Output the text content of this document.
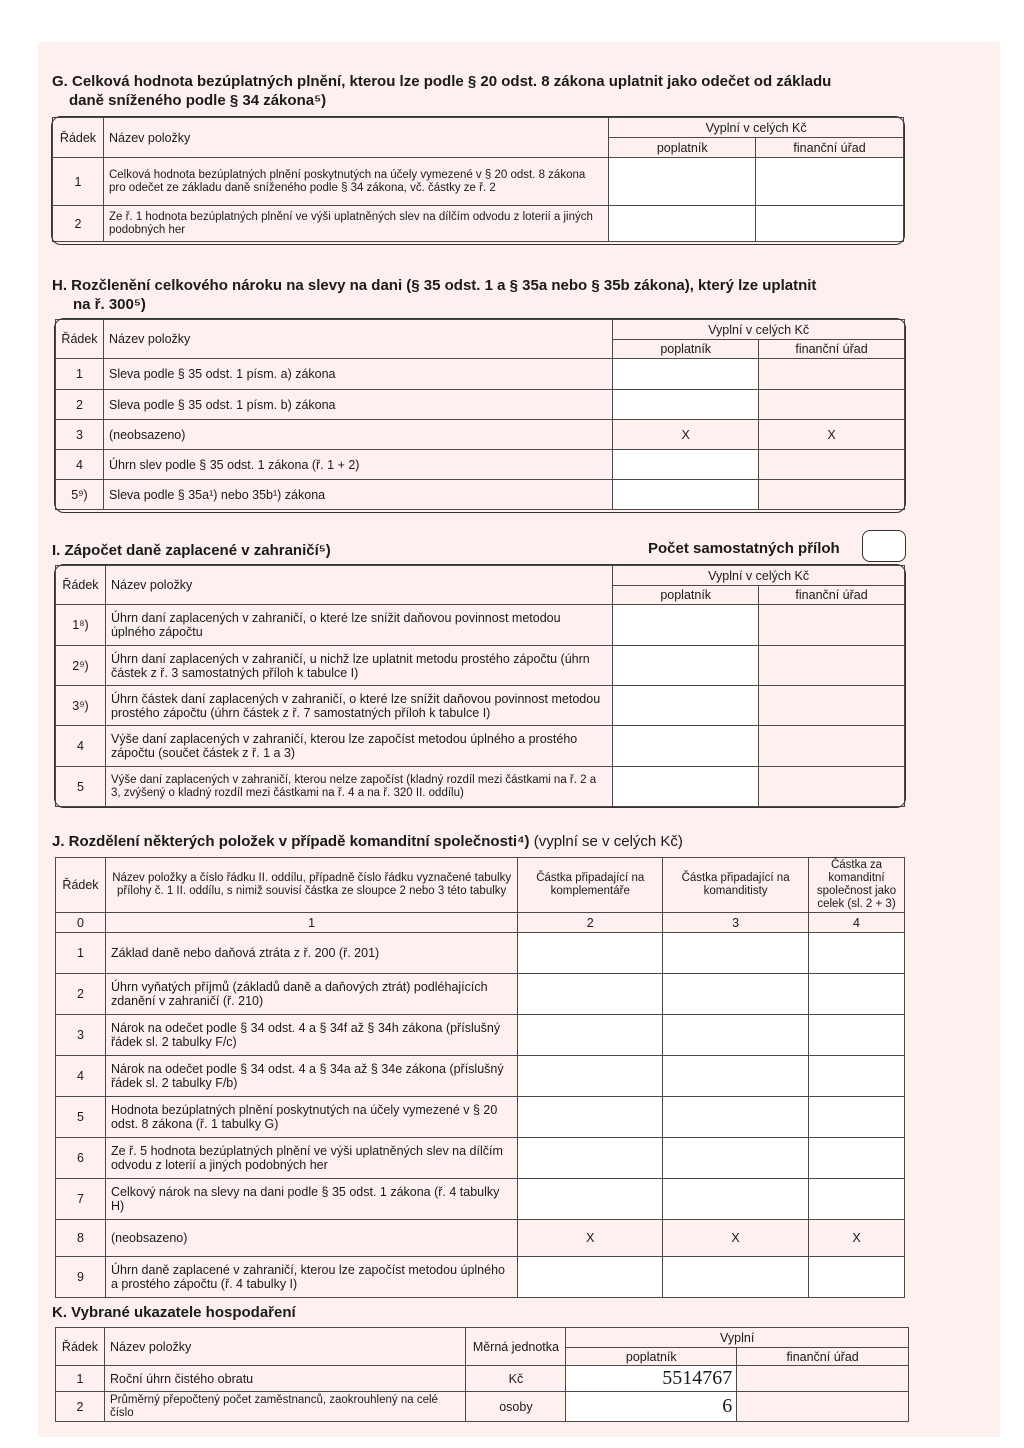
G. Celková hodnota bezúplatných plnění, kterou lze podle § 20 odst. 8 zákona uplatnit jako odečet od základu
daně sníženého podle § 34 zákona⁵)
Řádek	Název položky	Vyplní v celých Kč	
		poplatník	finanční úřad
1	Celková hodnota bezúplatných plnění poskytnutých na účely vymezené v § 20 odst. 8 zákona pro odečet ze základu daně sníženého podle § 34 zákona, vč. částky ze ř. 2		
2	Ze ř. 1 hodnota bezúplatných plnění ve výši uplatněných slev na dílčím odvodu z loterií a jiných podobných her		
H. Rozčlenění celkového nároku na slevy na dani (§ 35 odst. 1 a § 35a nebo § 35b zákona), který lze uplatnit
na ř. 300⁵)
Řádek	Název položky	Vyplní v celých Kč	
		poplatník	finanční úřad
1	Sleva podle § 35 odst. 1 písm. a) zákona		
2	Sleva podle § 35 odst. 1 písm. b) zákona		
3	(neobsazeno)	X	X
4	Úhrn slev podle § 35 odst. 1 zákona (ř. 1 + 2)		
5⁹)	Sleva podle § 35a¹) nebo 35b¹) zákona		
I. Zápočet daně zaplacené v zahraničí⁵)	Počet samostatných příloh
Řádek	Název položky	Vyplní v celých Kč	
		poplatník	finanční úřad
1⁸)	Úhrn daní zaplacených v zahraničí, o které lze snížit daňovou povinnost metodou úplného zápočtu		
2⁹)	Úhrn daní zaplacených v zahraničí, u nichž lze uplatnit metodu prostého zápočtu (úhrn částek z ř. 3 samostatných příloh k tabulce I)		
3⁹)	Úhrn částek daní zaplacených v zahraničí, o které lze snížit daňovou povinnost metodou prostého zápočtu (úhrn částek z ř. 7 samostatných příloh k tabulce I)		
4	Výše daní zaplacených v zahraničí, kterou lze započíst metodou úplného a prostého zápočtu (součet částek z ř. 1 a 3)		
5	Výše daní zaplacených v zahraničí, kterou nelze započíst (kladný rozdíl mezi částkami na ř. 2 a 3, zvýšený o kladný rozdíl mezi částkami na ř. 4 a na ř. 320 II. oddílu)		
J. Rozdělení některých položek v případě komanditní společnosti⁴) (vyplní se v celých Kč)
Řádek	Název položky a číslo řádku II. oddílu, případně číslo řádku vyznačené tabulky přílohy č. 1 II. oddílu, s nimiž souvisí částka ze sloupce 2 nebo 3 této tabulky	Částka připadající na komplementáře	Částka připadající na komanditisty	Částka za komanditní společnost jako celek (sl. 2 + 3)
0	1	2	3	4
1	Základ daně nebo daňová ztráta z ř. 200 (ř. 201)			
2	Úhrn vyňatých příjmů (základů daně a daňových ztrát) podléhajících zdanění v zahraničí (ř. 210)			
3	Nárok na odečet podle § 34 odst. 4 a § 34f až § 34h zákona (příslušný řádek sl. 2 tabulky F/c)			
4	Nárok na odečet podle § 34 odst. 4 a § 34a až § 34e zákona (příslušný řádek sl. 2 tabulky F/b)			
5	Hodnota bezúplatných plnění poskytnutých na účely vymezené v § 20 odst. 8 zákona (ř. 1 tabulky G)			
6	Ze ř. 5 hodnota bezúplatných plnění ve výši uplatněných slev na dílčím odvodu z loterií a jiných podobných her			
7	Celkový nárok na slevy na dani podle § 35 odst. 1 zákona (ř. 4 tabulky H)			
8	(neobsazeno)	X	X	X
9	Úhrn daně zaplacené v zahraničí, kterou lze započíst metodou úplného a prostého zápočtu (ř. 4 tabulky I)			
K. Vybrané ukazatele hospodaření
Řádek	Název položky	Měrná jednotka	Vyplní	
			poplatník	finanční úřad
1	Roční úhrn čistého obratu	Kč	5514767	
2	Průměrný přepočtený počet zaměstnanců, zaokrouhlený na celé číslo	osoby	6	
